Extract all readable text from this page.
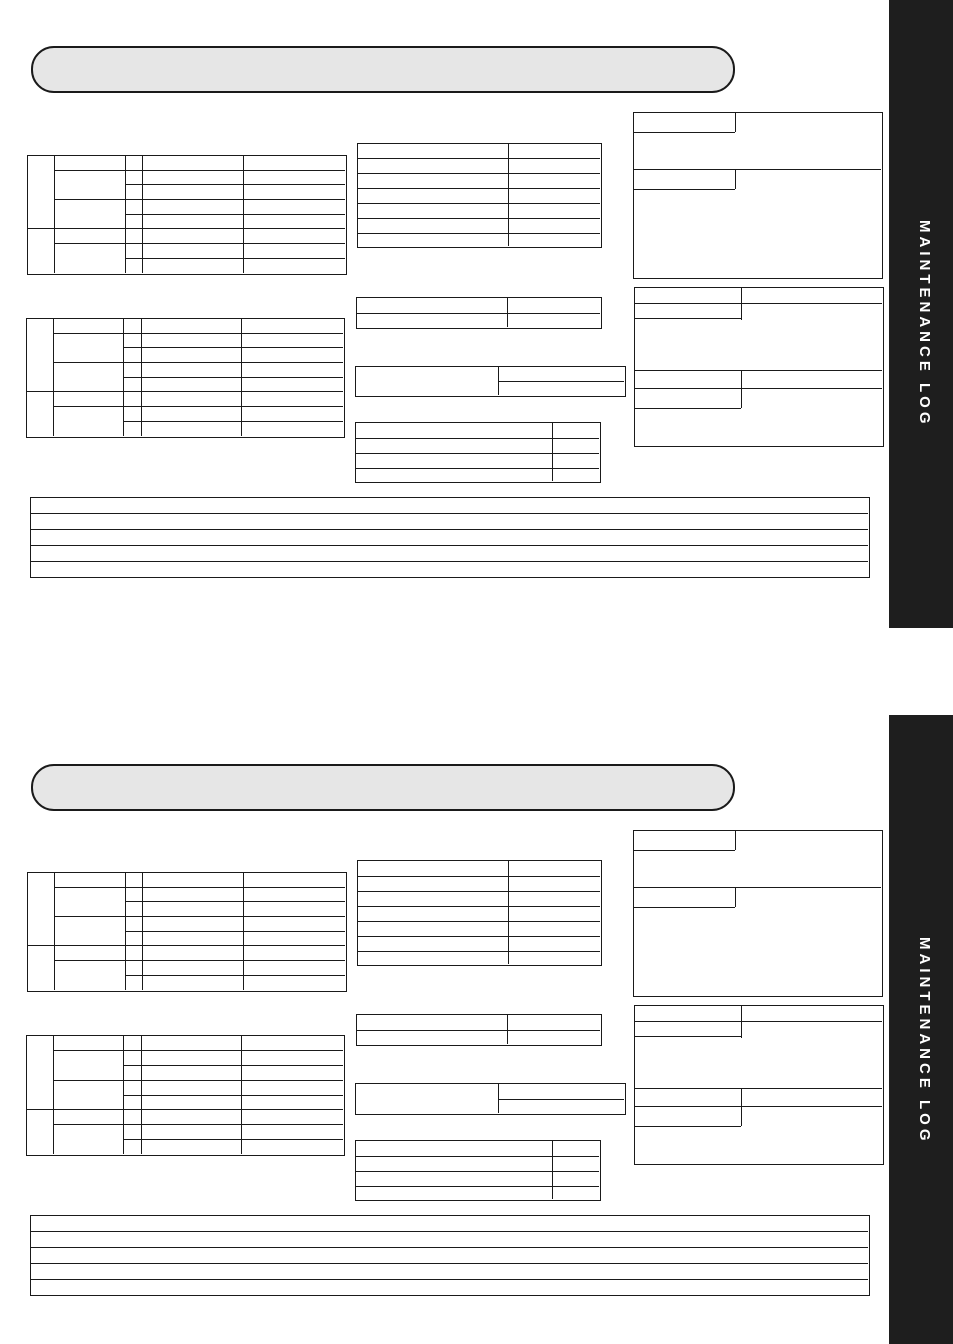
MAINTENANCE LOG
MAINTENANCE LOG
